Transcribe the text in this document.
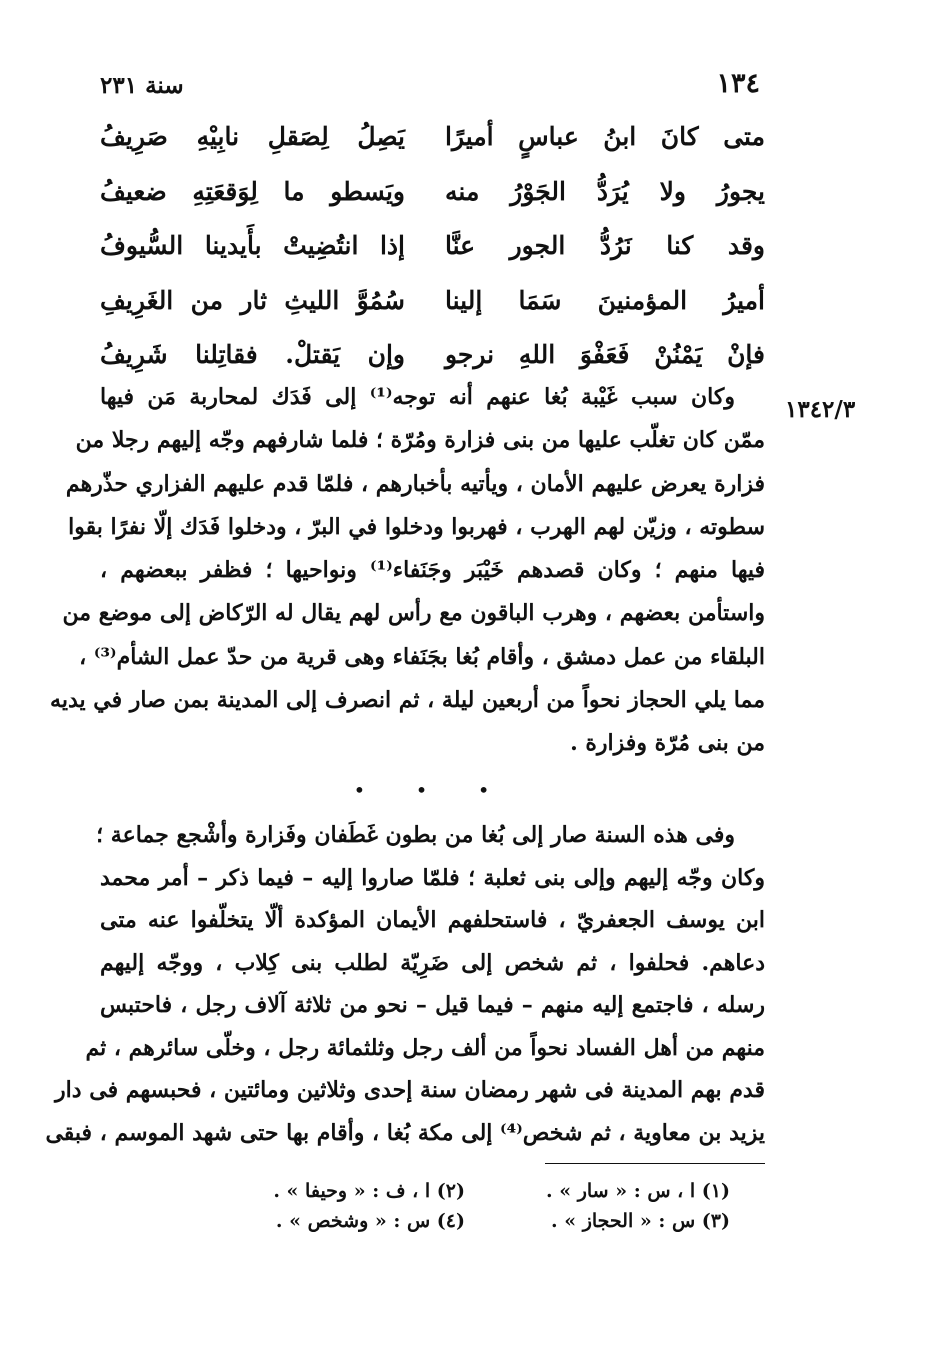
١٣٤
سنة ٢٣١
متى كانَ ابنُ عباسٍ أميرًا
يَصِلُ لِصَقلِ نابِيْهِ صَرِيفُ
يجورُ ولا يُرَدُّ الجَوْرُ منه
ويَسطو ما لِوَقعَتِهِ ضعيفُ
وقد كنا نَرُدُّ الجور عنَّا
إذا انتُضِيتْ بأَيدينا السُّيوفُ
أميرُ المؤمنينَ سَمَا إلينا
سُمُوَّ الليثِ ثار من الغَرِيفِ
فإنْ يَمْنُنْ فَعَفْوَ اللهِ نرجو
وإن يَقتلْ. فقاتِلنا شَرِيفُ
١٣٤٢/٣
وكان سبب غَيْبة بُغا عنهم أنه توجه⁽¹⁾ إلى فَدَك لمحاربة مَن فيها
ممّن كان تغلّب عليها من بنى فزارة ومُرّة ؛ فلما شارفهم وجّه إليهم رجلا من
فزارة يعرض عليهم الأمان ، ويأتيه بأخبارهم ، فلمّا قدم عليهم الفزاري حذّرهم
سطوته ، وزيّن لهم الهرب ، فهربوا ودخلوا في البرّ ، ودخلوا فَدَك إلّا نفرًا بقوا
فيها منهم ؛ وكان قصدهم خَيْبَر وجَنَفاء⁽¹⁾ ونواحيها ؛ فظفر ببعضهم ،
واستأمن بعضهم ، وهرب الباقون مع رأس لهم يقال له الرّكاض إلى موضع من
البلقاء من عمل دمشق ، وأقام بُغا بجَنَفاء وهى قرية من حدّ عمل الشأم⁽³⁾ ،
مما يلي الحجاز نحواً من أربعين ليلة ، ثم انصرف إلى المدينة بمن صار في يديه
من بنى مُرّة وفزارة .
• • •
وفى هذه السنة صار إلى بُغا من بطون غَطَفان وفَزارة وأشْجع جماعة ؛
وكان وجّه إليهم وإلى بنى ثعلبة ؛ فلمّا صاروا إليه – فيما ذكر – أمر محمد
ابن يوسف الجعفريّ ، فاستحلفهم الأيمان المؤكدة ألّا يتخلّفوا عنه متى
دعاهم. فحلفوا ، ثم شخص إلى ضَرِيّة لطلب بنى كِلاب ، ووجّه إليهم
رسله ، فاجتمع إليه منهم – فيما قيل – نحو من ثلاثة آلاف رجل ، فاحتبس
منهم من أهل الفساد نحواً من ألف رجل وثلثمائة رجل ، وخلّى سائرهم ، ثم
قدم بهم المدينة فى شهر رمضان سنة إحدى وثلاثين ومائتين ، فحبسهم فى دار
يزيد بن معاوية ، ثم شخص⁽⁴⁾ إلى مكة بُغا ، وأقام بها حتى شهد الموسم ، فبقى
(١) ا ، س : « سار » .
(٢) ا ، ف : « وحيفا » .
(٣) س : « الحجاز » .
(٤) س : « وشخص » .
